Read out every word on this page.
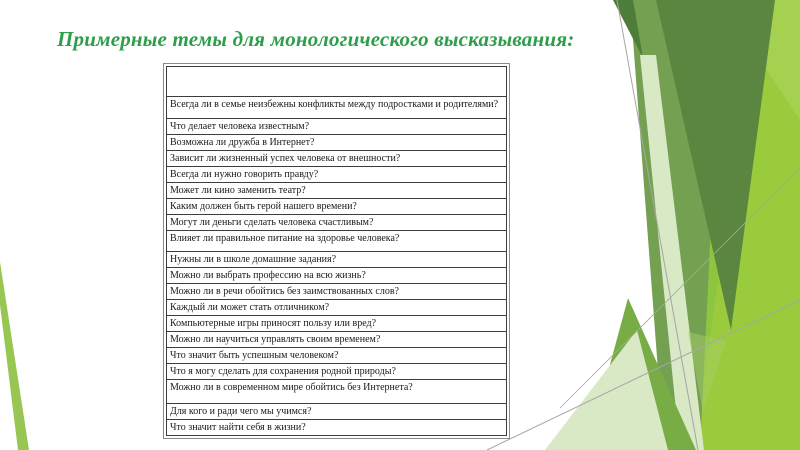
Примерные темы для монологического высказывания:

Всегда ли в семье неизбежны конфликты между подростками и родителями?
Что делает человека известным?
Возможна ли дружба в Интернет?
Зависит ли жизненный успех человека от внешности?
Всегда ли нужно говорить правду?
Может ли кино заменить театр?
Каким должен быть герой нашего времени?
Могут ли деньги сделать человека счастливым?
Влияет ли правильное питание на здоровье человека?
Нужны ли в школе домашние задания?
Можно ли выбрать профессию на всю жизнь?
Можно ли в речи обойтись без заимствованных слов?
Каждый ли может стать отличником?
Компьютерные игры приносят пользу или вред?
Можно ли научиться управлять своим временем?
Что значит быть успешным человеком?
Что я могу сделать для сохранения родной природы?
Можно ли в современном мире обойтись без Интернета?
Для кого и ради чего мы учимся?
Что значит найти себя в жизни?
